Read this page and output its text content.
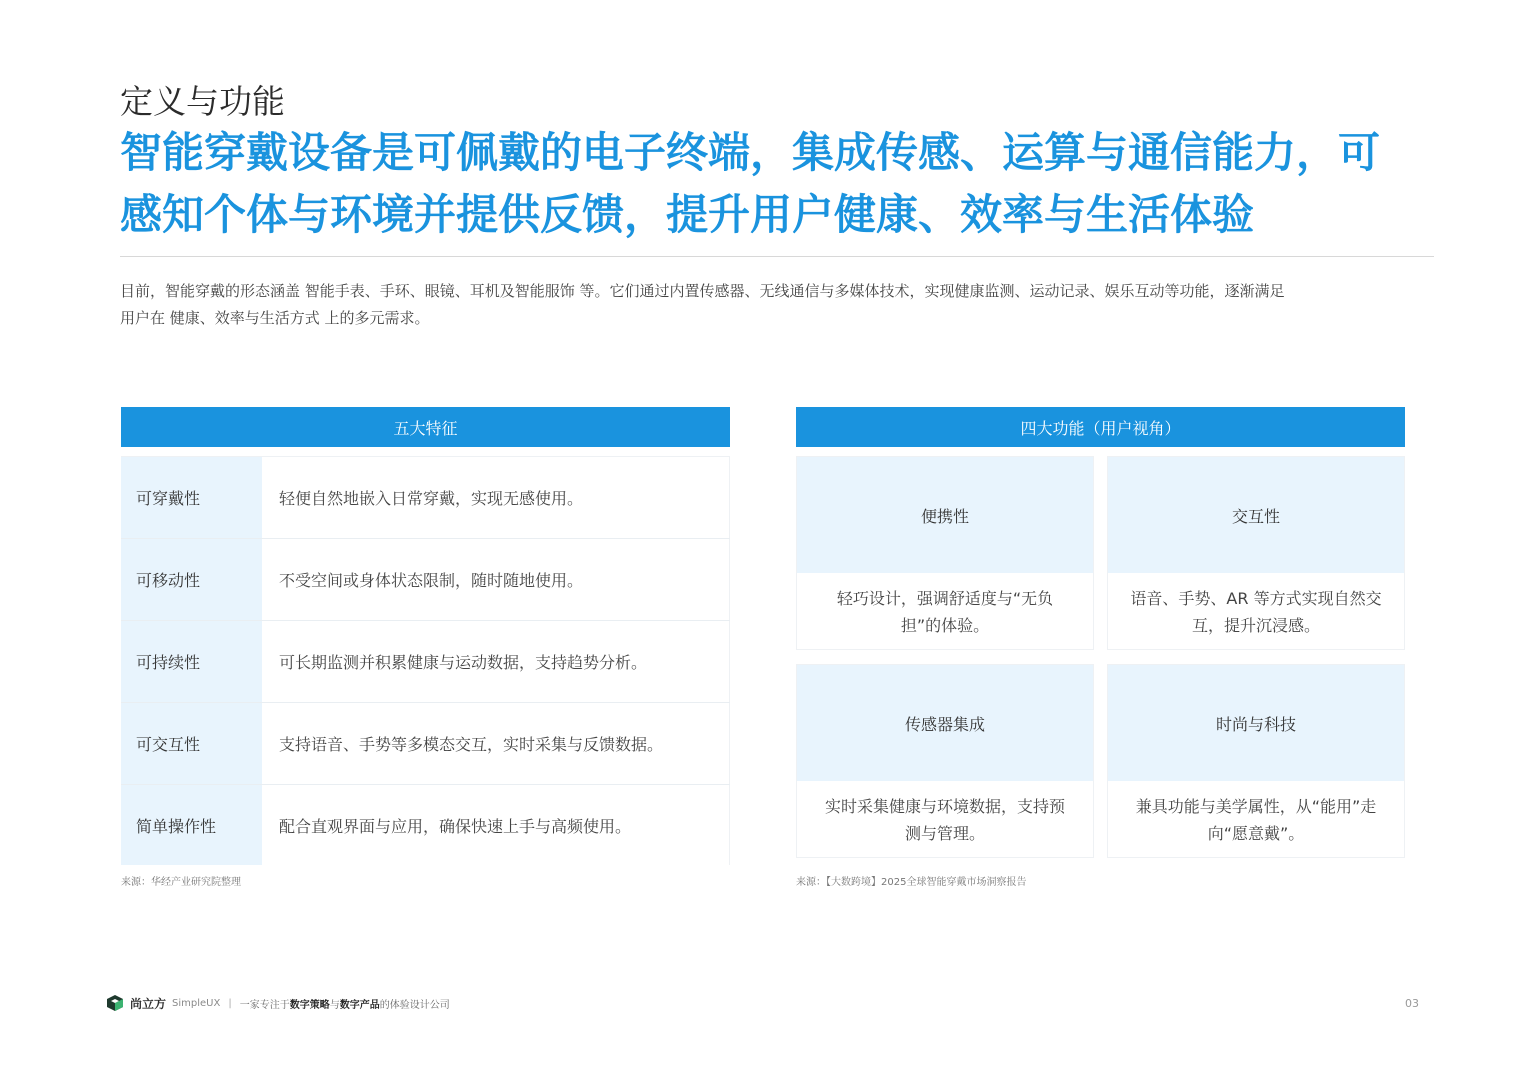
定义与功能
智能穿戴设备是可佩戴的电子终端，集成传感、运算与通信能力，可
感知个体与环境并提供反馈，提升用户健康、效率与生活体验

目前，智能穿戴的形态涵盖 智能手表、手环、眼镜、耳机及智能服饰 等。它们通过内置传感器、无线通信与多媒体技术，实现健康监测、运动记录、娱乐互动等功能，逐渐满足
用户在 健康、效率与生活方式 上的多元需求。

五大特征
可穿戴性	轻便自然地嵌入日常穿戴，实现无感使用。
可移动性	不受空间或身体状态限制，随时随地使用。
可持续性	可长期监测并积累健康与运动数据，支持趋势分析。
可交互性	支持语音、手势等多模态交互，实时采集与反馈数据。
简单操作性	配合直观界面与应用，确保快速上手与高频使用。
来源：华经产业研究院整理
四大功能（用户视角）
便携性
轻巧设计，强调舒适度与“无负担”的体验。
交互性
语音、手势、AR 等方式实现自然交互，提升沉浸感。
传感器集成
实时采集健康与环境数据，支持预测与管理。
时尚与科技
兼具功能与美学属性，从“能用”走向“愿意戴”。
来源：【大数跨境】2025全球智能穿戴市场洞察报告
尚立方 SimpleUX | 一家专注于数字策略与数字产品的体验设计公司	03
